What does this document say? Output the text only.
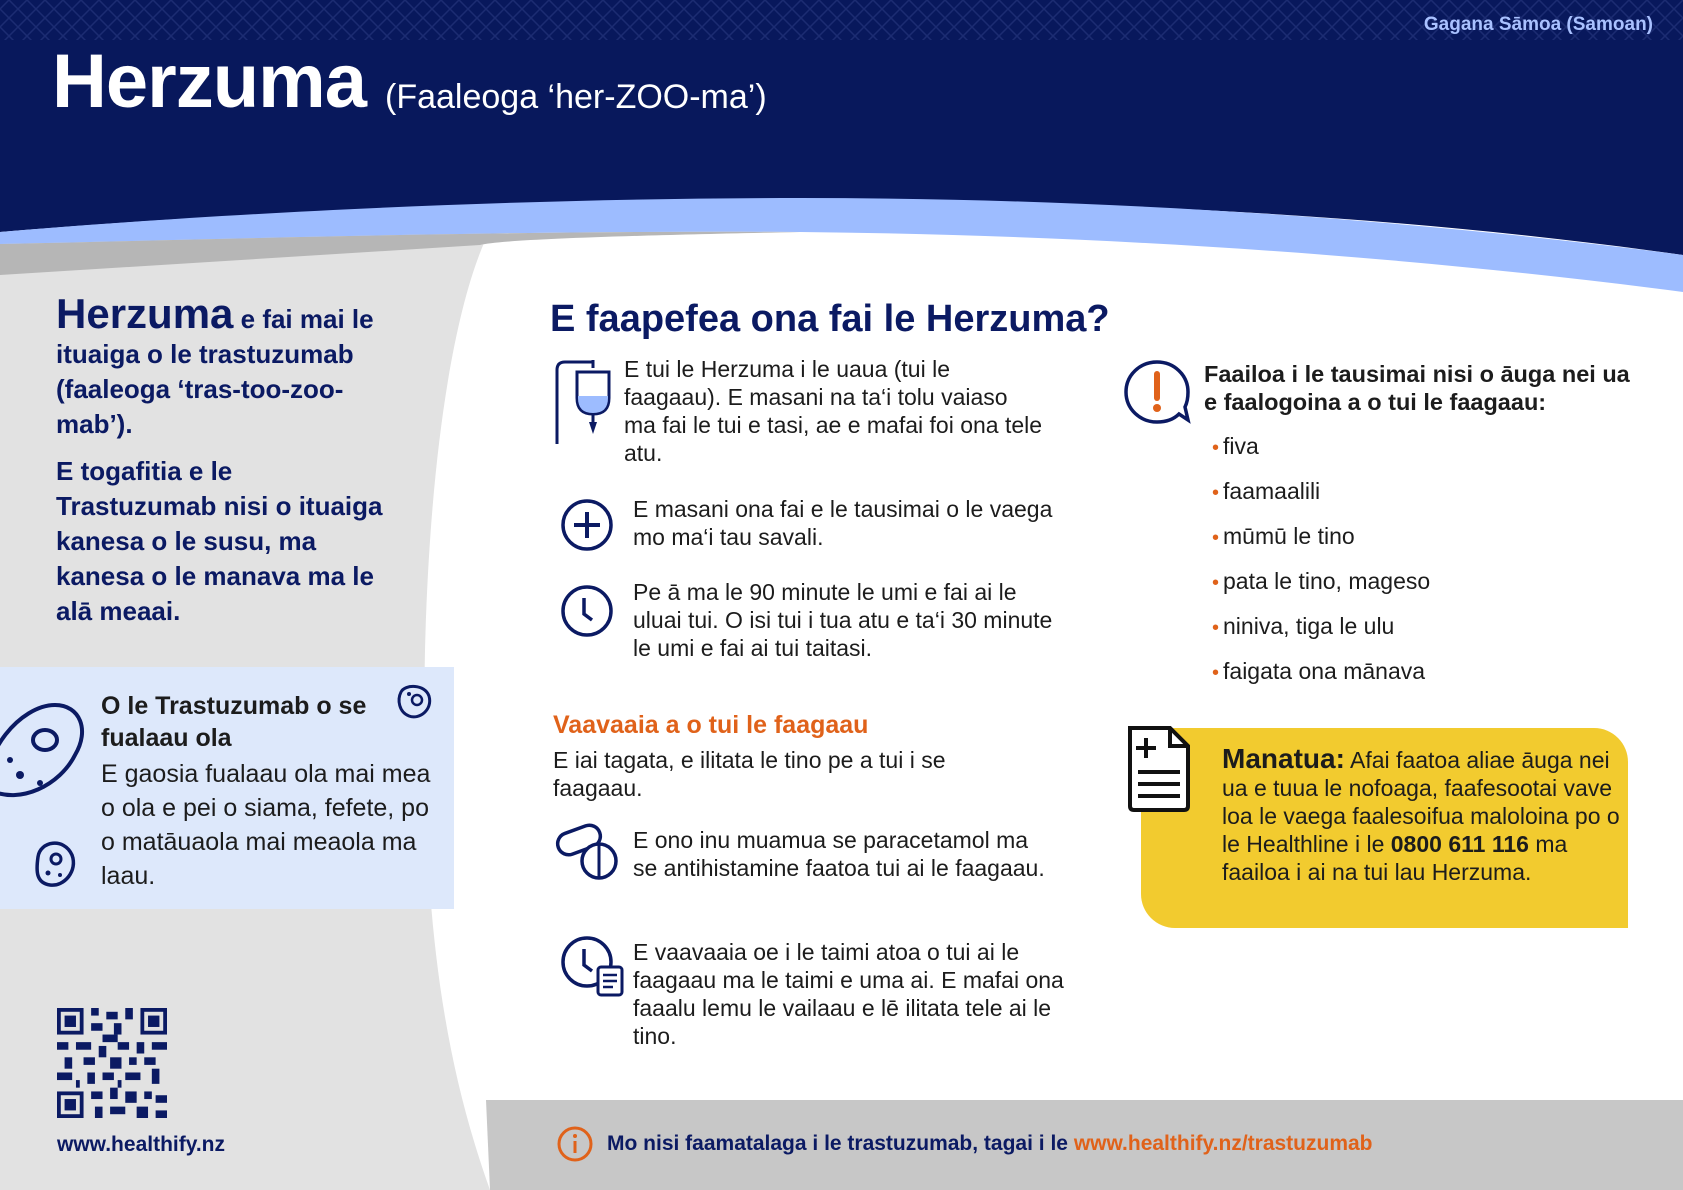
Gagana Sāmoa (Samoan)
Herzuma (Faaleoga ‘her-ZOO-ma’)

Herzuma e fai mai le ituaiga o le trastuzumab (faaleoga ‘tras-too-zoo-mab’).

E togafitia e le Trastuzumab nisi o ituaiga kanesa o le susu, ma kanesa o le manava ma le alā meaai.

O le Trastuzumab o se fualaau ola
E gaosia fualaau ola mai mea o ola e pei o siama, fefete, po o matāuaola mai meaola ma laau.
www.healthify.nz
E faapefea ona fai le Herzuma?
E tui le Herzuma i le uaua (tui le faagaau). E masani na ta‘i tolu vaiaso ma fai le tui e tasi, ae e mafai foi ona tele atu.
E masani ona fai e le tausimai o le vaega mo ma‘i tau savali.
Pe ā ma le 90 minute le umi e fai ai le uluai tui. O isi tui i tua atu e ta‘i 30 minute le umi e fai ai tui taitasi.
Vaavaaia a o tui le faagaau
E iai tagata, e ilitata le tino pe a tui i se faagaau.
E ono inu muamua se paracetamol ma se antihistamine faatoa tui ai le faagaau.
E vaavaaia oe i le taimi atoa o tui ai le faagaau ma le taimi e uma ai. E mafai ona faaalu lemu le vailaau e lē ilitata tele ai le tino.
Faailoa i le tausimai nisi o āuga nei ua e faalogoina a o tui le faagaau:
• fiva
• faamaalili
• mūmū le tino
• pata le tino, mageso
• niniva, tiga le ulu
• faigata ona mānava
Manatua: Afai faatoa aliae āuga nei ua e tuua le nofoaga, faafesootai vave loa le vaega faalesoifua maloloina po o le Healthline i le 0800 611 116 ma faailoa i ai na tui lau Herzuma.
Mo nisi faamatalaga i le trastuzumab, tagai i le www.healthify.nz/trastuzumab
